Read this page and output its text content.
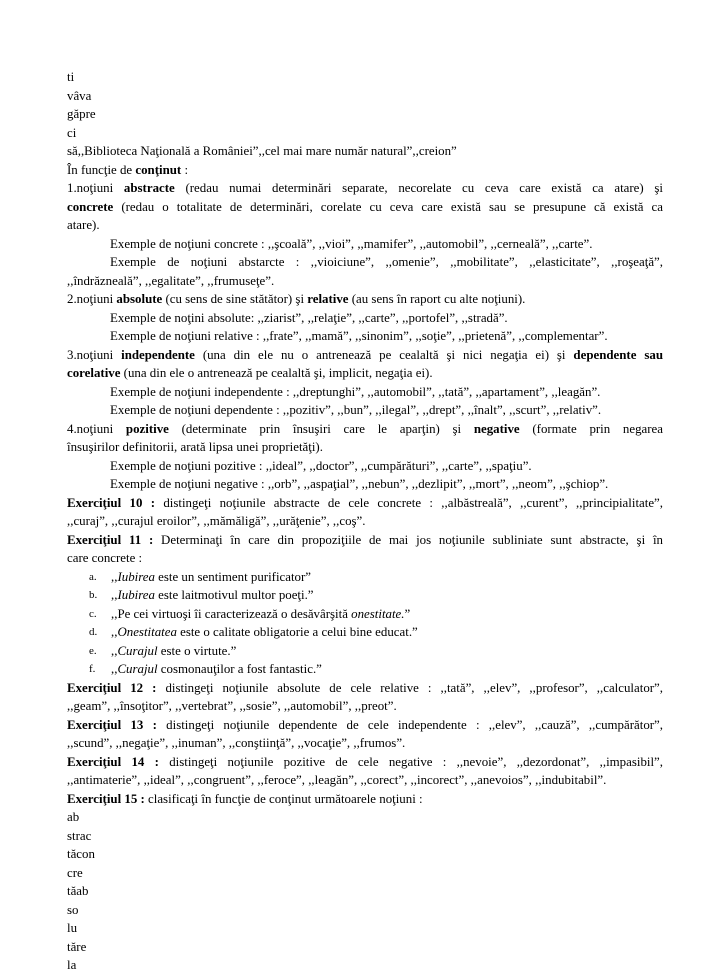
ti
vâva
găpre
ci
să,,Biblioteca Naţională a României”,,cel mai mare număr natural”,,creion”
În funcţie de conţinut :
1.noţiuni abstracte (redau numai determinări separate, necorelate cu ceva care există ca atare) şi
concrete (redau o totalitate de determinări, corelate cu ceva care există sau se presupune că există ca
atare).
Exemple de noţiuni concrete : ,,şcoală”, ,,vioi”, ,,mamifer”, ,,automobil”, ,,cerneală”, ,,carte”.
Exemple de noţiuni abstarcte : ,,vioiciune”, ,,omenie”, ,,mobilitate”, ,,elasticitate”, ,,roşeaţă”,
,,îndrăzneală”, ,,egalitate”, ,,frumuseţe”.
2.noţiuni absolute (cu sens de sine stătător) şi relative (au sens în raport cu alte noţiuni).
Exemple de noţini absolute: ,,ziarist”, ,,relaţie”, ,,carte”, ,,portofel”, ,,stradă”.
Exemple de noţiuni relative : ,,frate”, ,,mamă”, ,,sinonim”, ,,soţie”, ,,prietenă”, ,,complementar”.
3.noţiuni independente (una din ele nu o antrenează pe cealaltă şi nici negaţia ei) şi dependente sau
corelative (una din ele o antrenează pe cealaltă şi, implicit, negaţia ei).
Exemple de noţiuni independente : ,,dreptunghi”, ,,automobil”, ,,tată”, ,,apartament”, ,,leagăn”.
Exemple de noţiuni dependente : ,,pozitiv”, ,,bun”, ,,ilegal”, ,,drept”, ,,înalt”, ,,scurt”, ,,relativ”.
4.noţiuni pozitive (determinate prin însuşiri care le aparţin) şi negative (formate prin negarea
însuşirilor definitorii, arată lipsa unei proprietăţi).
Exemple de noţiuni pozitive : ,,ideal”, ,,doctor”, ,,cumpărături”, ,,carte”, ,,spaţiu”.
Exemple de noţiuni negative : ,,orb”, ,,aspaţial”, ,,nebun”, ,,dezlipit”, ,,mort”, ,,neom”, ,,şchiop”.
Exerciţiul 10 : distingeţi noţiunile abstracte de cele concrete : ,,albăstreală”, ,,curent”, ,,principialitate”,
,,curaj”, ,,curajul eroilor”, ,,mămăligă”, ,,urăţenie”, ,,coş”.
Exerciţiul 11 : Determinaţi în care din propoziţiile de mai jos noţiunile subliniate sunt abstracte, şi în
care concrete :
a.	,,Iubirea este un sentiment purificator”
b.	,,Iubirea este laitmotivul multor poeţi.”
c.	,,Pe cei virtuoşi îi caracterizează o desăvârşită onestitate.”
d.	,,Onestitatea este o calitate obligatorie a celui bine educat.”
e.	,,Curajul este o virtute.”
f.	,,Curajul cosmonauţilor a fost fantastic.”
Exerciţiul 12 : distingeţi noţiunile absolute de cele relative : ,,tată”, ,,elev”, ,,profesor”, ,,calculator”,
,,geam”, ,,însoţitor”, ,,vertebrat”, ,,sosie”, ,,automobil”, ,,preot”.
Exerciţiul 13 : distingeţi noţiunile dependente de cele independente : ,,elev”, ,,cauză”, ,,cumpărător”,
,,scund”, ,,negaţie”, ,,inuman”, ,,conştiinţă”, ,,vocaţie”, ,,frumos”.
Exerciţiul 14 : distingeţi noţiunile pozitive de cele negative : ,,nevoie”, ,,dezordonat”, ,,impasibil”,
,,antimaterie”, ,,ideal”, ,,congruent”, ,,feroce”, ,,leagăn”, ,,corect”, ,,incorect”, ,,anevoios”, ,,indubitabil”.
Exerciţiul 15 : clasificaţi în funcţie de conţinut următoarele noţiuni :
ab
strac
tăcon
cre
tăab
so
lu
tăre
la
